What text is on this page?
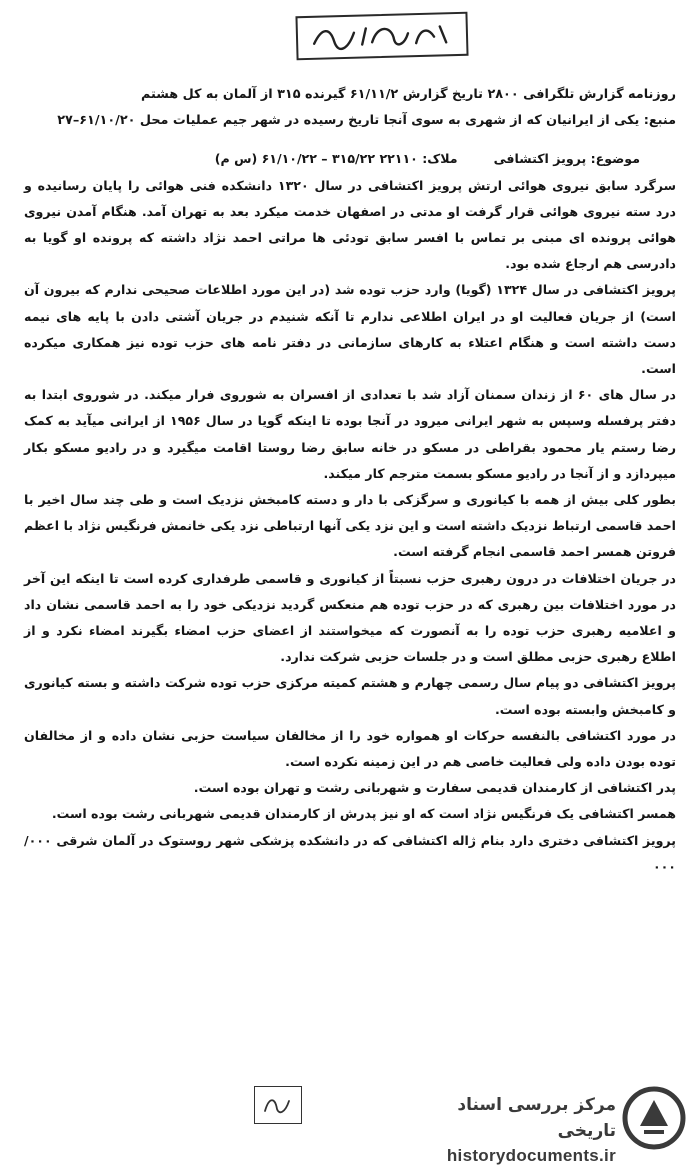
روزنامه گزارش تلگرافی ۲۸۰۰ تاریخ گزارش ۶۱/۱۱/۲ گیرنده ۳۱۵ از آلمان به کل هشتم

منبع: یکی از ایرانیان که از شهری به سوی آنجا تاریخ رسیده در شهر جیم عملیات محل ۶۱/۱۰/۲۰–۲۷

موضوع: پرویز اکتشافی
ملاک: ۲۲۱۱۰ ۳۱۵/۲۲ – ۶۱/۱۰/۲۲ (س م)

سرگرد سابق نیروی هوائی ارتش پرویز اکتشافی در سال ۱۳۲۰ دانشکده فنی هوائی را پایان رسانیده و درد سته نیروی هوائی قرار گرفت او مدتی در اصفهان خدمت میکرد بعد به تهران آمد. هنگام آمدن نیروی هوائی پرونده ای مبنی بر تماس با افسر سابق تودئی ها مراتی احمد نژاد داشته که پرونده او گویا به دادرسی هم ارجاع شده بود.

پرویز اکتشافی در سال ۱۳۲۴ (گویا) وارد حزب توده شد (در این مورد اطلاعات صحیحی ندارم که بیرون آن است) از جریان فعالیت او در ایران اطلاعی ندارم تا آنکه شنیدم در جریان آشتی دادن با پایه های نیمه دست داشته است و هنگام اعتلاء به کارهای سازمانی در دفتر نامه های حزب توده نیز همکاری میکرده است.

در سال های ۶۰ از زندان سمنان آزاد شد با تعدادی از افسران به شوروی فرار میکند. در شوروی ابتدا به دفتر پرفسله وسپس به شهر ایرانی میرود در آنجا بوده تا اینکه گویا در سال ۱۹۵۶ از ایرانی میآید به کمک رضا رستم یار محمود بقراطی در مسکو در خانه سابق رضا روستا اقامت میگیرد و در رادیو مسکو بکار میپردازد و از آنجا در رادیو مسکو بسمت مترجم کار میکند.

بطور کلی بیش از همه با کیانوری و سرگزکی با دار و دسته کامبخش نزدیک است و طی چند سال اخیر با احمد قاسمی ارتباط نزدیک داشته است و این نزد یکی آنها ارتباطی نزد یکی خانمش فرنگیس نژاد با اعظم فروتن همسر احمد قاسمی انجام گرفته است.

در جریان اختلافات در درون رهبری حزب نسبتاً از کیانوری و قاسمی طرفداری کرده است تا اینکه این آخر در مورد اختلافات بین رهبری که در حزب توده هم منعکس گردید نزدیکی خود را به احمد قاسمی نشان داد و اعلامیه رهبری حزب توده را به آنصورت که میخواستند از اعضای حزب امضاء بگیرند امضاء نکرد و از اطلاع رهبری حزبی مطلق است و در جلسات حزبی شرکت ندارد.

پرویز اکتشافی دو پیام سال رسمی چهارم و هشتم کمیته مرکزی حزب توده شرکت داشته و بسته کیانوری و کامبخش وابسته بوده است.

در مورد اکتشافی بالنفسه حرکات او همواره خود را از مخالفان سیاست حزبی نشان داده و از مخالفان توده بودن داده ولی فعالیت خاصی هم در این زمینه نکرده است.

پدر اکتشافی از کارمندان قدیمی سفارت و شهربانی رشت و تهران بوده است.

همسر اکتشافی یک فرنگیس نژاد است که او نیز پدرش از کارمندان قدیمی شهربانی رشت بوده است.

پرویز اکتشافی دختری دارد بنام ژاله اکتشافی که در دانشکده پزشکی شهر روستوک در آلمان شرقی ۰۰۰/ ۰۰۰

مرکز بررسی اسناد تاریخی
historydocuments.ir
